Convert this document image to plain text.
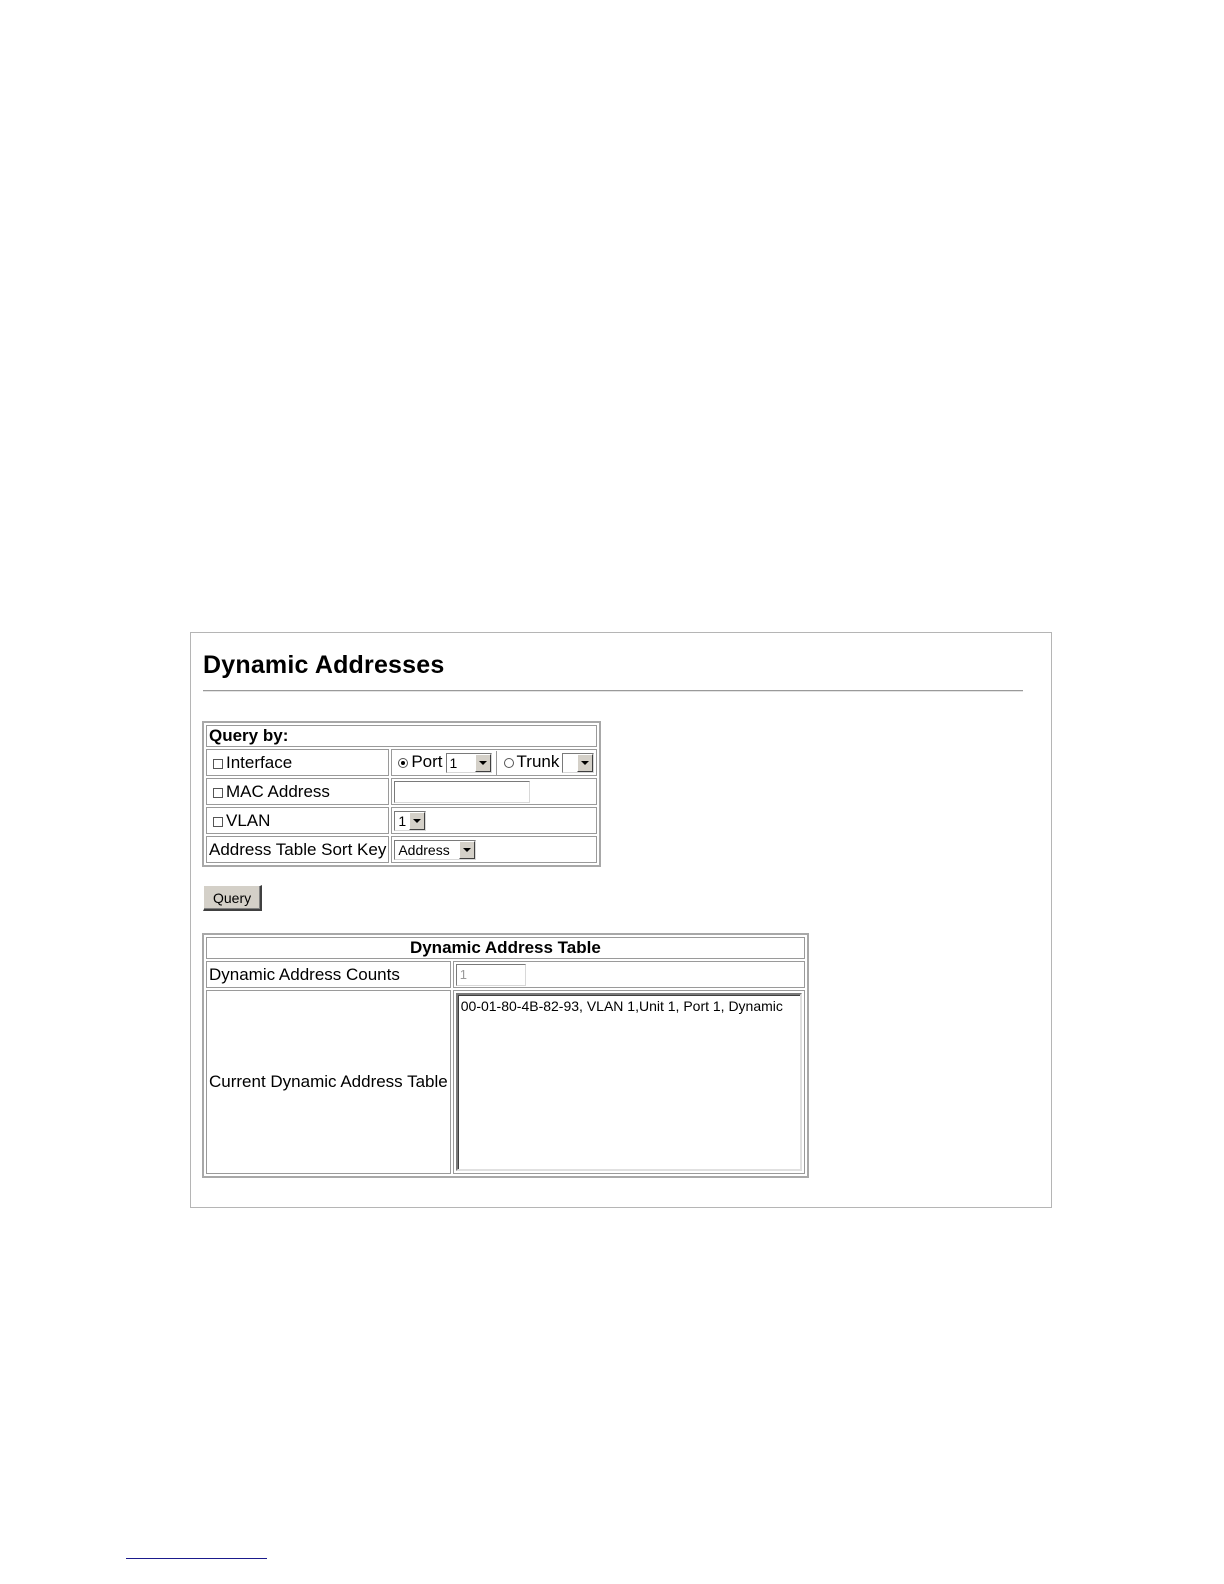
Dynamic Addresses
Query by:	
Interface	Port 1 Trunk

MAC Address	
VLAN	1

Address Table Sort Key	Address
Query
Dynamic Address Table	
Dynamic Address Counts	1
Current Dynamic Address Table	00-01-80-4B-82-93, VLAN 1,Unit 1, Port 1, Dynamic
